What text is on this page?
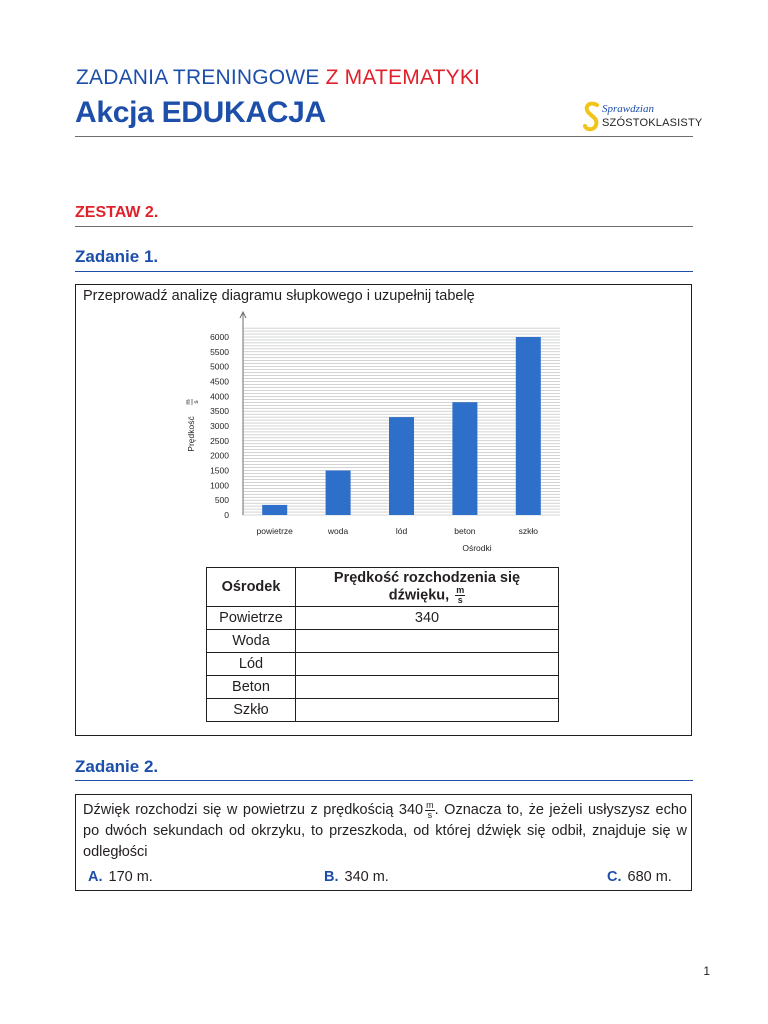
ZADANIA TRENINGOWE Z MATEMATYKI
Akcja EDUKACJA	Sprawdzian
SZÓSTOKLASISTY
ZESTAW 2.
Zadanie 1.
Przeprowadź analizę diagramu słupkowego i uzupełnij tabelę
0
500
1000
1500
2000
2500
3000
3500
4000
4500
5000
5500
6000
powietrze	woda	lód	beton	szkło
Prędkość
m s
Ośrodki
Ośrodek	Prędkość rozchodzenia się
dźwięku, $\frac{m}{s}$

Powietrze	340
Woda	
Lód	
Beton	
Szkło	
Zadanie 2.
Dźwięk rozchodzi się w powietrzu z prędkością $340 \frac{m}{s}$ . Oznacza to, że jeżeli usłyszysz echo po dwóch sekundach od okrzyku, to przeszkoda, od której dźwięk się odbił, znajduje się w odległości
A. 170 m.	B. 340 m.	C. 680 m.
1
